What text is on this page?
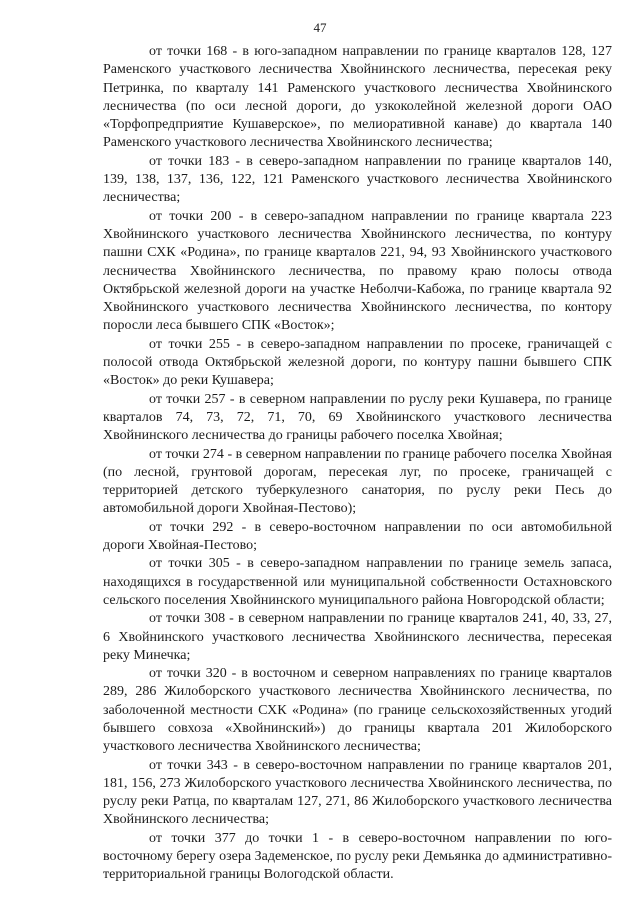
47

от точки 168 - в юго-западном направлении по границе кварталов 128, 127 Раменского участкового лесничества Хвойнинского лесничества, пересекая реку Петринка, по кварталу 141 Раменского участкового лесничества Хвойнинского лесничества (по оси лесной дороги, до узкоколейной железной дороги ОАО «Торфопредприятие Кушаверское», по мелиоративной канаве) до квартала 140 Раменского участкового лесничества Хвойнинского лесничества;

от точки 183 - в северо-западном направлении по границе кварталов 140, 139, 138, 137, 136, 122, 121 Раменского участкового лесничества Хвойнинского лесничества;

от точки 200 - в северо-западном направлении по границе квартала 223 Хвойнинского участкового лесничества Хвойнинского лесничества, по контуру пашни СХК «Родина», по границе кварталов 221, 94, 93 Хвойнинского участкового лесничества Хвойнинского лесничества, по правому краю полосы отвода Октябрьской железной дороги на участке Неболчи-Кабожа, по границе квартала 92 Хвойнинского участкового лесничества Хвойнинского лесничества, по контору поросли леса бывшего СПК «Восток»;

от точки 255 - в северо-западном направлении по просеке, граничащей с полосой отвода Октябрьской железной дороги, по контуру пашни бывшего СПК «Восток» до реки Кушавера;

от точки 257 - в северном направлении по руслу реки Кушавера, по границе кварталов 74, 73, 72, 71, 70, 69 Хвойнинского участкового лесничества Хвойнинского лесничества до границы рабочего поселка Хвойная;

от точки 274 - в северном направлении по границе рабочего поселка Хвойная (по лесной, грунтовой дорогам, пересекая луг, по просеке, граничащей с территорией детского туберкулезного санатория, по руслу реки Песь до автомобильной дороги Хвойная-Пестово);

от точки 292 - в северо-восточном направлении по оси автомобильной дороги Хвойная-Пестово;

от точки 305 - в северо-западном направлении по границе земель запаса, находящихся в государственной или муниципальной собственности Остахновского сельского поселения Хвойнинского муниципального района Новгородской области;

от точки 308 - в северном направлении по границе кварталов 241, 40, 33, 27, 6 Хвойнинского участкового лесничества Хвойнинского лесничества, пересекая реку Минечка;

от точки 320 - в восточном и северном направлениях по границе кварталов 289, 286 Жилоборского участкового лесничества Хвойнинского лесничества, по заболоченной местности СХК «Родина» (по границе сельскохозяйственных угодий бывшего совхоза «Хвойнинский») до границы квартала 201 Жилоборского участкового лесничества Хвойнинского лесничества;

от точки 343 - в северо-восточном направлении по границе кварталов 201, 181, 156, 273 Жилоборского участкового лесничества Хвойнинского лесничества, по руслу реки Ратца, по кварталам 127, 271, 86 Жилоборского участкового лесничества Хвойнинского лесничества;

от точки 377 до точки 1 - в северо-восточном направлении по юго-восточному берегу озера Задеменское, по руслу реки Демьянка до административно-территориальной границы Вологодской области.
